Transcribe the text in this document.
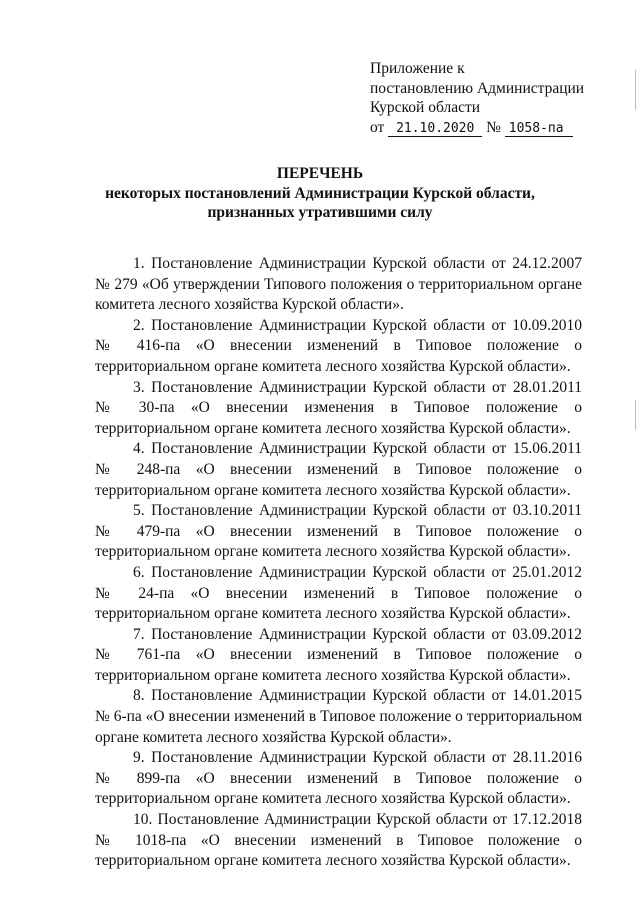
Приложение к
постановлению Администрации
Курской области
от 21.10.2020 № 1058-па
ПЕРЕЧЕНЬ
некоторых постановлений Администрации Курской области,
признанных утратившими силу

1. Постановление Администрации Курской области от 24.12.2007 № 279 «Об утверждении Типового положения о территориальном органе комитета лесного хозяйства Курской области».

2. Постановление Администрации Курской области от 10.09.2010 № 416-па «О внесении изменений в Типовое положение о территориальном органе комитета лесного хозяйства Курской области».

3. Постановление Администрации Курской области от 28.01.2011 № 30-па «О внесении изменения в Типовое положение о территориальном органе комитета лесного хозяйства Курской области».

4. Постановление Администрации Курской области от 15.06.2011 № 248-па «О внесении изменений в Типовое положение о территориальном органе комитета лесного хозяйства Курской области».

5. Постановление Администрации Курской области от 03.10.2011 № 479-па «О внесении изменений в Типовое положение о территориальном органе комитета лесного хозяйства Курской области».

6. Постановление Администрации Курской области от 25.01.2012 № 24-па «О внесении изменений в Типовое положение о территориальном органе комитета лесного хозяйства Курской области».

7. Постановление Администрации Курской области от 03.09.2012 № 761-па «О внесении изменений в Типовое положение о территориальном органе комитета лесного хозяйства Курской области».

8. Постановление Администрации Курской области от 14.01.2015 № 6-па «О внесении изменений в Типовое положение о территориальном органе комитета лесного хозяйства Курской области».

9. Постановление Администрации Курской области от 28.11.2016 № 899-па «О внесении изменений в Типовое положение о территориальном органе комитета лесного хозяйства Курской области».

10. Постановление Администрации Курской области от 17.12.2018 № 1018-па «О внесении изменений в Типовое положение о территориальном органе комитета лесного хозяйства Курской области».
